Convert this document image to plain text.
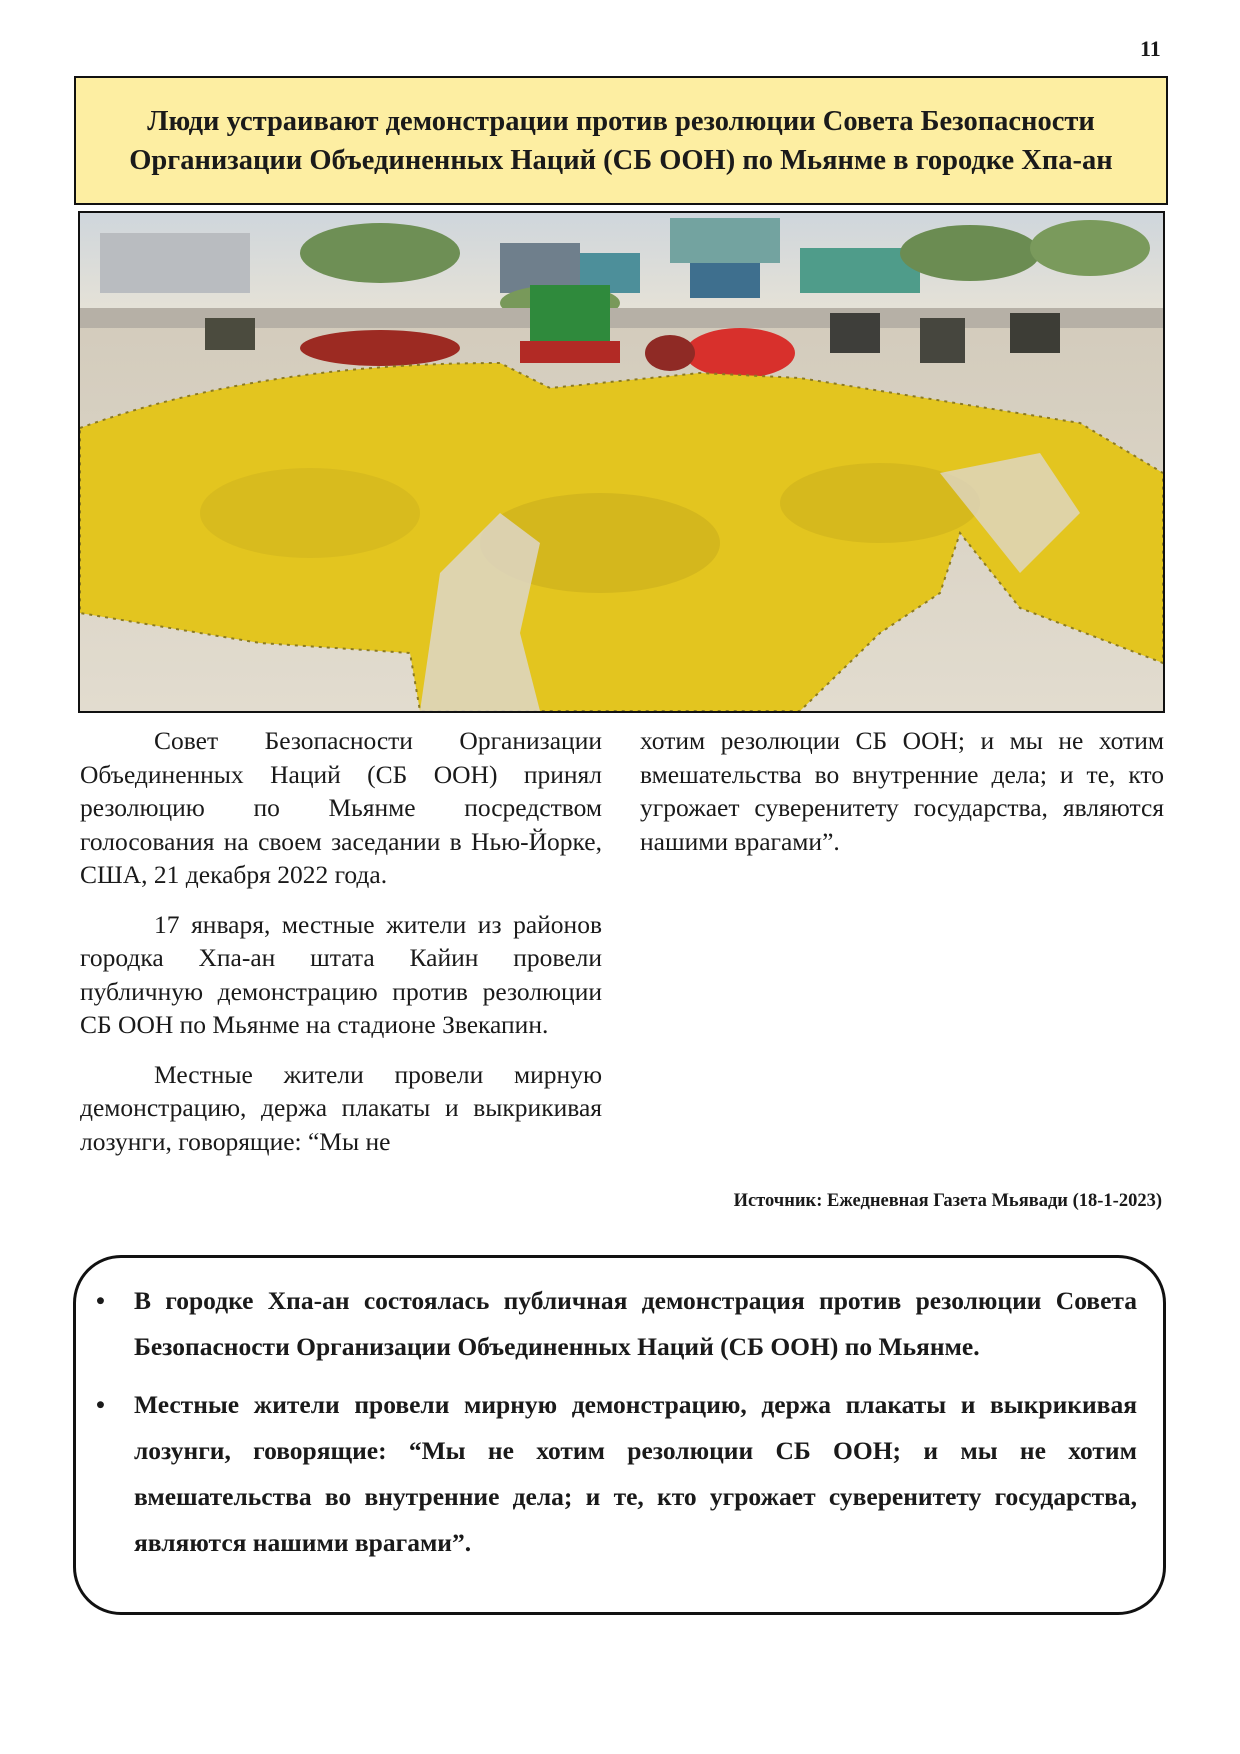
11
Люди устраивают демонстрации против резолюции Совета Безопасности Организации Объединенных Наций (СБ ООН) по Мьянме в городке Хпа-ан

Совет Безопасности Организации Объединенных Наций (СБ ООН) принял резолюцию по Мьянме посредством голосования на своем заседании в Нью-Йорке, США, 21 декабря 2022 года.

17 января, местные жители из районов городка Хпа-ан штата Кайин провели публичную демонстрацию против резолюции СБ ООН по Мьянме на стадионе Звекапин.

Местные жители провели мирную демонстрацию, держа плакаты и выкрикивая лозунги, говорящие: “Мы не

хотим резолюции СБ ООН; и мы не хотим вмешательства во внутренние дела; и те, кто угрожает суверенитету государства, являются нашими врагами”.

Источник: Ежедневная Газета Мьявади (18-1-2023)
• В городке Хпа-ан состоялась публичная демонстрация против резолюции Совета Безопасности Организации Объединенных Наций (СБ ООН) по Мьянме.
• Местные жители провели мирную демонстрацию, держа плакаты и выкрикивая лозунги, говорящие: “Мы не хотим резолюции СБ ООН; и мы не хотим вмешательства во внутренние дела; и те, кто угрожает суверенитету государства, являются нашими врагами”.
